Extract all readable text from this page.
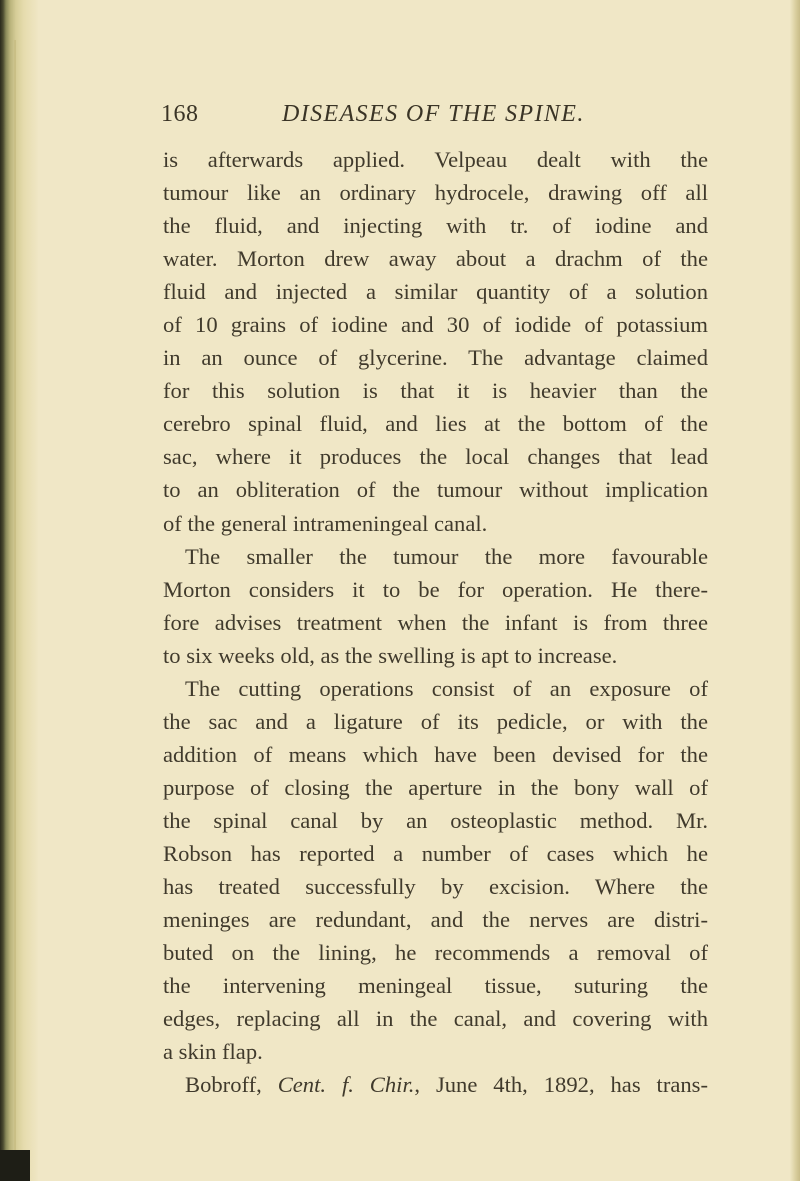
168	DISEASES OF THE SPINE.
is afterwards applied. Velpeau dealt with the
tumour like an ordinary hydrocele, drawing off all
the fluid, and injecting with tr. of iodine and
water. Morton drew away about a drachm of the
fluid and injected a similar quantity of a solution
of 10 grains of iodine and 30 of iodide of potassium
in an ounce of glycerine. The advantage claimed
for this solution is that it is heavier than the
cerebro spinal fluid, and lies at the bottom of the
sac, where it produces the local changes that lead
to an obliteration of the tumour without implication
of the general intrameningeal canal.
The smaller the tumour the more favourable
Morton considers it to be for operation. He there-
fore advises treatment when the infant is from three
to six weeks old, as the swelling is apt to increase.
The cutting operations consist of an exposure of
the sac and a ligature of its pedicle, or with the
addition of means which have been devised for the
purpose of closing the aperture in the bony wall of
the spinal canal by an osteoplastic method. Mr.
Robson has reported a number of cases which he
has treated successfully by excision. Where the
meninges are redundant, and the nerves are distri-
buted on the lining, he recommends a removal of
the intervening meningeal tissue, suturing the
edges, replacing all in the canal, and covering with
a skin flap.
Bobroff, Cent. f. Chir., June 4th, 1892, has trans-
